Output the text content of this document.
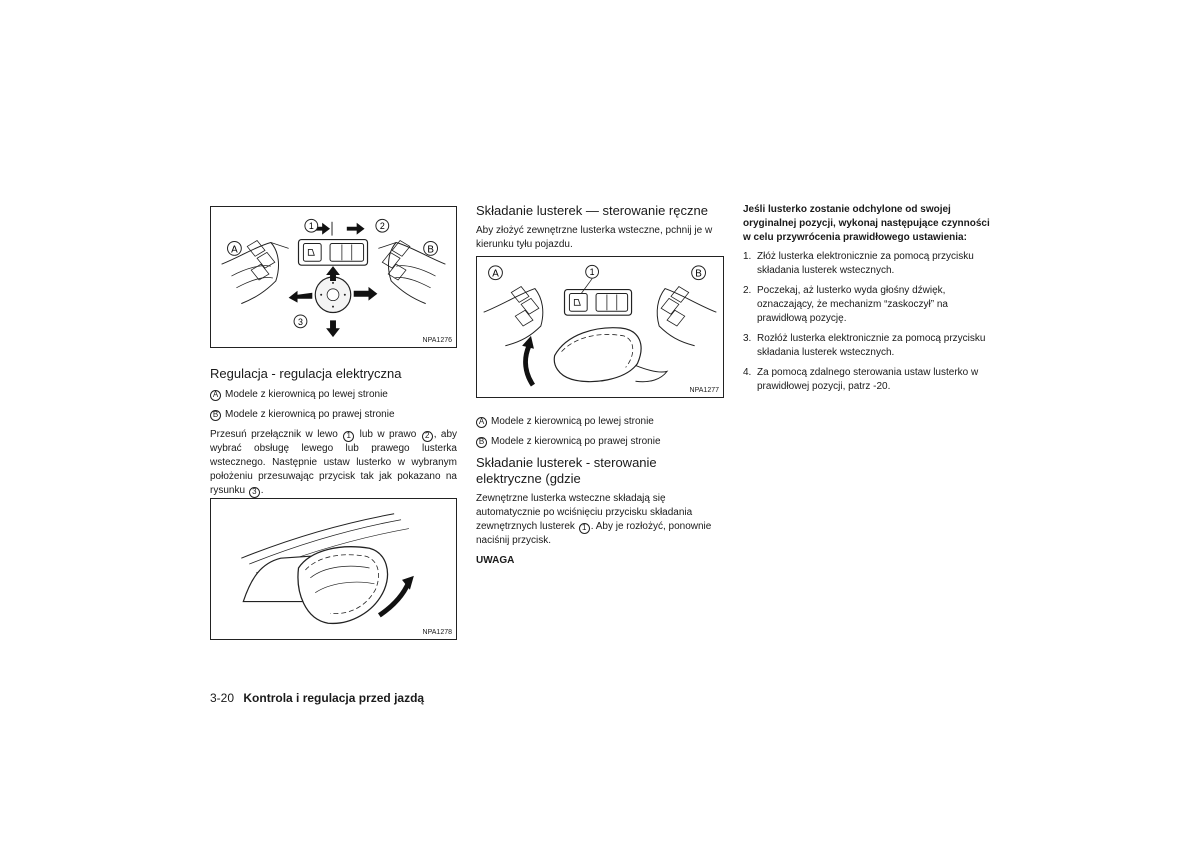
1	2
3
A	B
NPA1276
Regulacja - regulacja elektryczna
A Modele z kierownicą po lewej stronie
B Modele z kierownicą po prawej stronie

Przesuń przełącznik w lewo 1 lub w prawo 2 , aby wybrać obsługę lewego lub prawego lusterka wstecznego. Następnie ustaw lusterko w wybranym położeniu przesuwając przycisk tak jak pokazano na rysunku 3 .

NPA1278
Składanie lusterek — sterowanie ręczne

Aby złożyć zewnętrzne lusterka wsteczne, pchnij je w kierunku tyłu pojazdu.

1
A	B
NPA1277
A Modele z kierownicą po lewej stronie
B Modele z kierownicą po prawej stronie
Składanie lusterek - sterowanie elektryczne (gdzie

Zewnętrzne lusterka wsteczne składają się automatycznie po wciśnięciu przycisku składania zewnętrznych lusterek 1 . Aby je rozłożyć, ponownie naciśnij przycisk.

UWAGA

Jeśli lusterko zostanie odchylone od swojej oryginalnej pozycji, wykonaj następujące czynności w celu przywrócenia prawidłowego ustawienia:

1. Złóż lusterka elektronicznie za pomocą przycisku składania lusterek wstecznych.
2. Poczekaj, aż lusterko wyda głośny dźwięk, oznaczający, że mechanizm “zaskoczył” na prawidłową pozycję.
3. Rozłóż lusterka elektronicznie za pomocą przycisku składania lusterek wstecznych.
4. Za pomocą zdalnego sterowania ustaw lusterko w prawidłowej pozycji, patrz -20.
3-20 Kontrola i regulacja przed jazdą
